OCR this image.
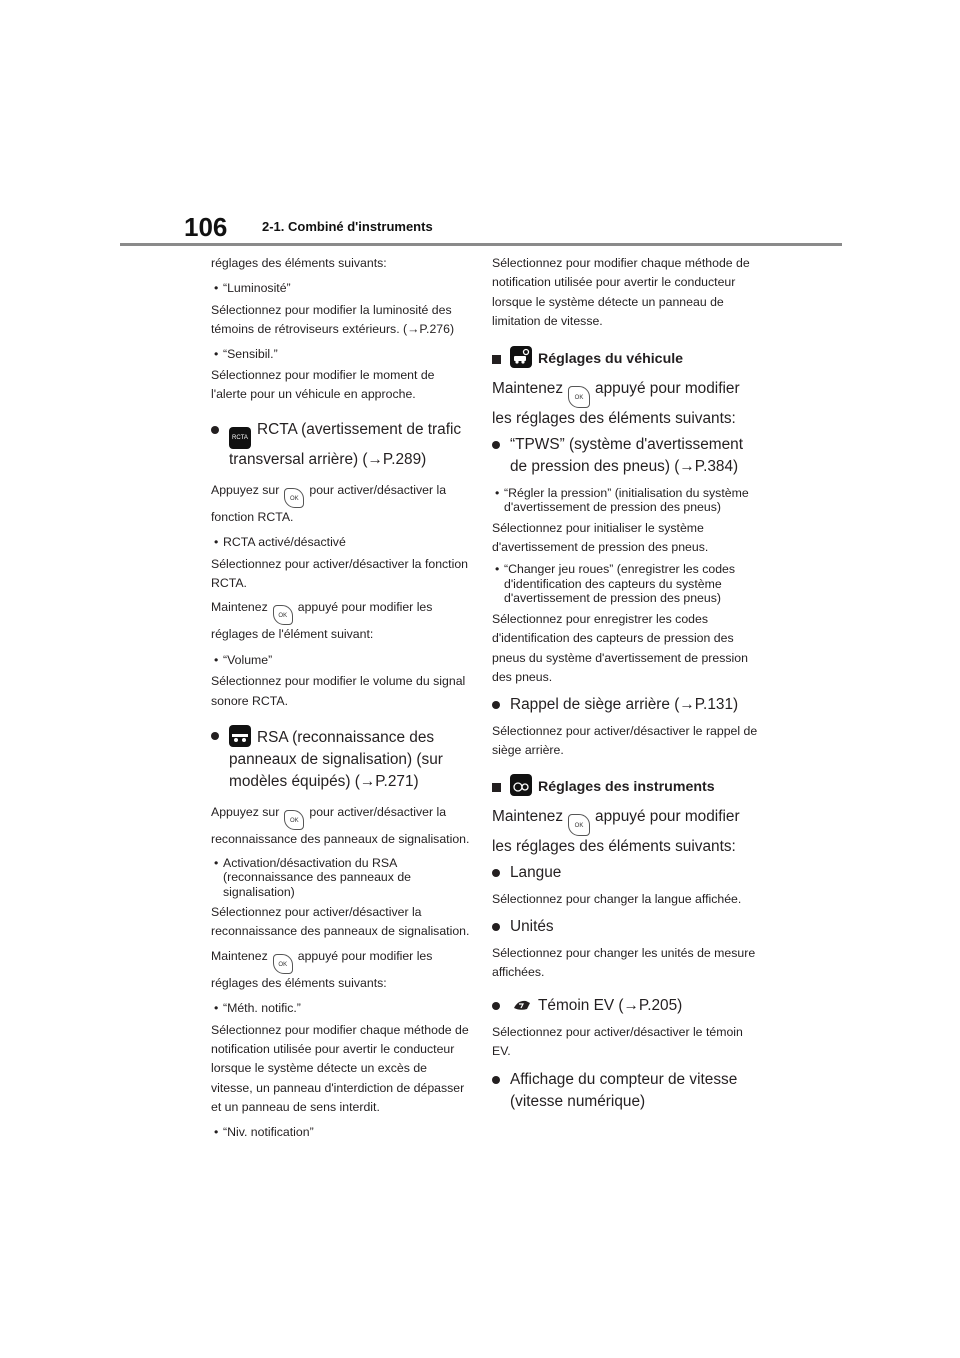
106	2-1. Combiné d'instruments

réglages des éléments suivants:

• “Luminosité”

Sélectionnez pour modifier la luminosité des témoins de rétroviseurs extérieurs. (→P.276)

• “Sensibil.”

Sélectionnez pour modifier le moment de l'alerte pour un véhicule en approche.

RCTA RCTA (avertissement de trafic transversal arrière) (→P.289)

Appuyez surOKpour activer/désactiver la fonction RCTA.

• RCTA activé/désactivé

Sélectionnez pour activer/désactiver la fonction RCTA.

MaintenezOKappuyé pour modifier les réglages de l'élément suivant:

• “Volume”

Sélectionnez pour modifier le volume du signal sonore RCTA.

RSA (reconnaissance des panneaux de signalisation) (sur modèles équipés) (→P.271)

Appuyez surOKpour activer/désactiver la reconnaissance des panneaux de signalisation.

• Activation/désactivation du RSA (reconnaissance des panneaux de signalisation)

Sélectionnez pour activer/désactiver la reconnaissance des panneaux de signalisation.

MaintenezOKappuyé pour modifier les réglages des éléments suivants:

• “Méth. notific.”

Sélectionnez pour modifier chaque méthode de notification utilisée pour avertir le conducteur lorsque le système détecte un excès de vitesse, un panneau d'interdiction de dépasser et un panneau de sens interdit.

• “Niv. notification”

Sélectionnez pour modifier chaque méthode de notification utilisée pour avertir le conducteur lorsque le système détecte un panneau de limitation de vitesse.

Réglages du véhicule

MaintenezOKappuyé pour modifier les réglages des éléments suivants:

“TPWS” (système d'avertissement de pression des pneus) (→P.384)
• “Régler la pression” (initialisation du système d'avertissement de pression des pneus)

Sélectionnez pour initialiser le système d'avertissement de pression des pneus.

• “Changer jeu roues” (enregistrer les codes d'identification des capteurs du système d'avertissement de pression des pneus)

Sélectionnez pour enregistrer les codes d'identification des capteurs de pression des pneus du système d'avertissement de pression des pneus.

Rappel de siège arrière (→P.131)

Sélectionnez pour activer/désactiver le rappel de siège arrière.

Réglages des instruments

MaintenezOKappuyé pour modifier les réglages des éléments suivants:

Langue

Sélectionnez pour changer la langue affichée.

Unités

Sélectionnez pour changer les unités de mesure affichées.

Témoin EV (→P.205)

Sélectionnez pour activer/désactiver le témoin EV.

Affichage du compteur de vitesse (vitesse numérique)
